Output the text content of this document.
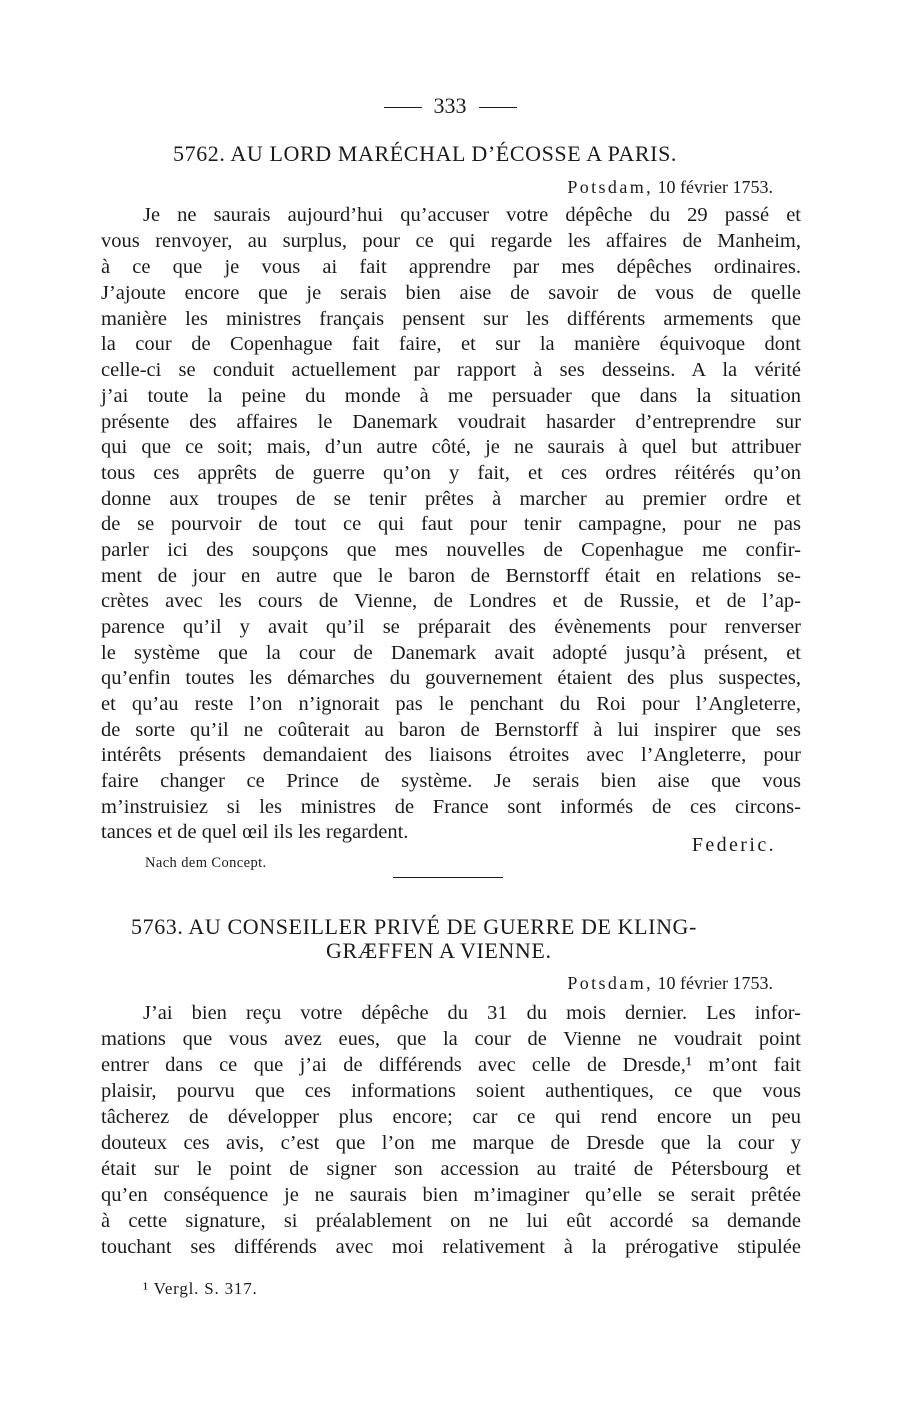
333
5762. AU LORD MARÉCHAL D’ÉCOSSE A PARIS.
Potsdam, 10 février 1753.
Je ne saurais aujourd’hui qu’accuser votre dépêche du 29 passé et
vous renvoyer, au surplus, pour ce qui regarde les affaires de Manheim,
à ce que je vous ai fait apprendre par mes dépêches ordinaires.
J’ajoute encore que je serais bien aise de savoir de vous de quelle
manière les ministres français pensent sur les différents armements que
la cour de Copenhague fait faire, et sur la manière équivoque dont
celle-ci se conduit actuellement par rapport à ses desseins. A la vérité
j’ai toute la peine du monde à me persuader que dans la situation
présente des affaires le Danemark voudrait hasarder d’entreprendre sur
qui que ce soit; mais, d’un autre côté, je ne saurais à quel but attribuer
tous ces apprêts de guerre qu’on y fait, et ces ordres réitérés qu’on
donne aux troupes de se tenir prêtes à marcher au premier ordre et
de se pourvoir de tout ce qui faut pour tenir campagne, pour ne pas
parler ici des soupçons que mes nouvelles de Copenhague me confir-
ment de jour en autre que le baron de Bernstorff était en relations se-
crètes avec les cours de Vienne, de Londres et de Russie, et de l’ap-
parence qu’il y avait qu’il se préparait des évènements pour renverser
le système que la cour de Danemark avait adopté jusqu’à présent, et
qu’enfin toutes les démarches du gouvernement étaient des plus suspectes,
et qu’au reste l’on n’ignorait pas le penchant du Roi pour l’Angleterre,
de sorte qu’il ne coûterait au baron de Bernstorff à lui inspirer que ses
intérêts présents demandaient des liaisons étroites avec l’Angleterre, pour
faire changer ce Prince de système. Je serais bien aise que vous
m’instruisiez si les ministres de France sont informés de ces circons-
tances et de quel œil ils les regardent.
Federic.
Nach dem Concept.
5763. AU CONSEILLER PRIVÉ DE GUERRE DE KLING-
GRÆFFEN A VIENNE.
Potsdam, 10 février 1753.
J’ai bien reçu votre dépêche du 31 du mois dernier. Les infor-
mations que vous avez eues, que la cour de Vienne ne voudrait point
entrer dans ce que j’ai de différends avec celle de Dresde,¹ m’ont fait
plaisir, pourvu que ces informations soient authentiques, ce que vous
tâcherez de développer plus encore; car ce qui rend encore un peu
douteux ces avis, c’est que l’on me marque de Dresde que la cour y
était sur le point de signer son accession au traité de Pétersbourg et
qu’en conséquence je ne saurais bien m’imaginer qu’elle se serait prêtée
à cette signature, si préalablement on ne lui eût accordé sa demande
touchant ses différends avec moi relativement à la prérogative stipulée
¹ Vergl. S. 317.
